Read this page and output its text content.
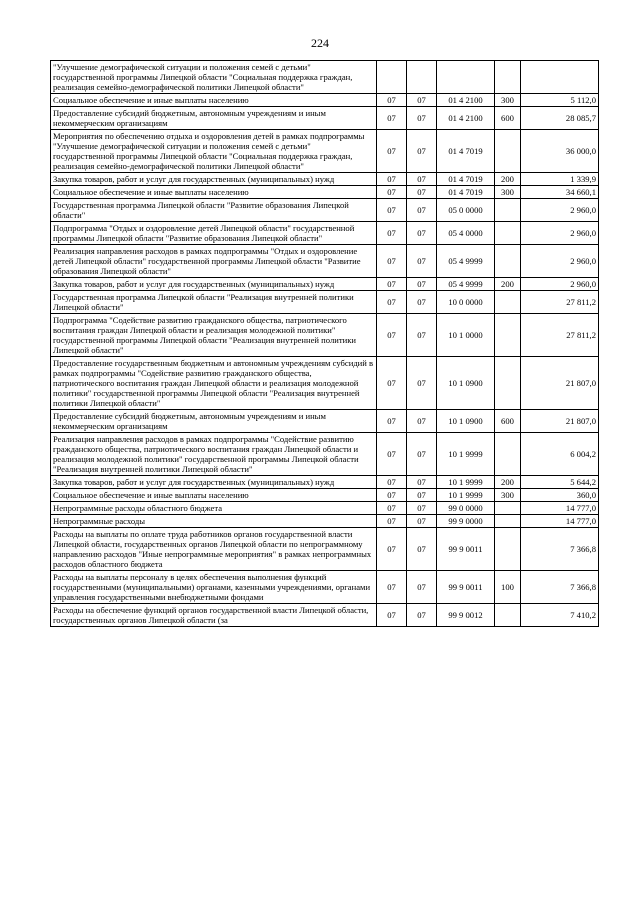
224
"Улучшение демографической ситуации и положения семей с детьми" государственной программы Липецкой области "Социальная поддержка граждан, реализация семейно-демографической политики Липецкой области"					
Социальное обеспечение и иные выплаты населению	07	07	01 4 2100	300	5 112,0
Предоставление субсидий бюджетным, автономным учреждениям и иным некоммерческим организациям	07	07	01 4 2100	600	28 085,7
Мероприятия по обеспечению отдыха и оздоровления детей в рамках подпрограммы "Улучшение демографической ситуации и положения семей с детьми" государственной программы Липецкой области "Социальная поддержка граждан, реализация семейно-демографической политики Липецкой области"	07	07	01 4 7019		36 000,0
Закупка товаров, работ и услуг для государственных (муниципальных) нужд	07	07	01 4 7019	200	1 339,9
Социальное обеспечение и иные выплаты населению	07	07	01 4 7019	300	34 660,1
Государственная программа Липецкой области "Развитие образования Липецкой области"	07	07	05 0 0000		2 960,0
Подпрограмма "Отдых и оздоровление детей Липецкой области" государственной программы Липецкой области "Развитие образования Липецкой области"	07	07	05 4 0000		2 960,0
Реализация направления расходов в рамках подпрограммы "Отдых и оздоровление детей Липецкой области" государственной программы Липецкой области "Развитие образования Липецкой области"	07	07	05 4 9999		2 960,0
Закупка товаров, работ и услуг для государственных (муниципальных) нужд	07	07	05 4 9999	200	2 960,0
Государственная программа Липецкой области "Реализация внутренней политики Липецкой области"	07	07	10 0 0000		27 811,2
Подпрограмма "Содействие развитию гражданского общества, патриотического воспитания граждан Липецкой области и реализация молодежной политики" государственной программы Липецкой области "Реализация внутренней политики Липецкой области"	07	07	10 1 0000		27 811,2
Предоставление государственным бюджетным и автономным учреждениям субсидий в рамках подпрограммы "Содействие развитию гражданского общества, патриотического воспитания граждан Липецкой области и реализация молодежной политики" государственной программы Липецкой области "Реализация внутренней политики Липецкой области"	07	07	10 1 0900		21 807,0
Предоставление субсидий бюджетным, автономным учреждениям и иным некоммерческим организациям	07	07	10 1 0900	600	21 807,0
Реализация направления расходов в рамках подпрограммы "Содействие развитию гражданского общества, патриотического воспитания граждан Липецкой области и реализация молодежной политики" государственной программы Липецкой области "Реализация внутренней политики Липецкой области"	07	07	10 1 9999		6 004,2
Закупка товаров, работ и услуг для государственных (муниципальных) нужд	07	07	10 1 9999	200	5 644,2
Социальное обеспечение и иные выплаты населению	07	07	10 1 9999	300	360,0
Непрограммные расходы областного бюджета	07	07	99 0 0000		14 777,0
Непрограммные расходы	07	07	99 9 0000		14 777,0
Расходы на выплаты по оплате труда работников органов государственной власти Липецкой области, государственных органов Липецкой области по непрограммному направлению расходов "Иные непрограммные мероприятия" в рамках непрограммных расходов областного бюджета	07	07	99 9 0011		7 366,8
Расходы на выплаты персоналу в целях обеспечения выполнения функций государственными (муниципальными) органами, казенными учреждениями, органами управления государственными внебюджетными фондами	07	07	99 9 0011	100	7 366,8
Расходы на обеспечение функций органов государственной власти Липецкой области, государственных органов Липецкой области (за	07	07	99 9 0012		7 410,2
